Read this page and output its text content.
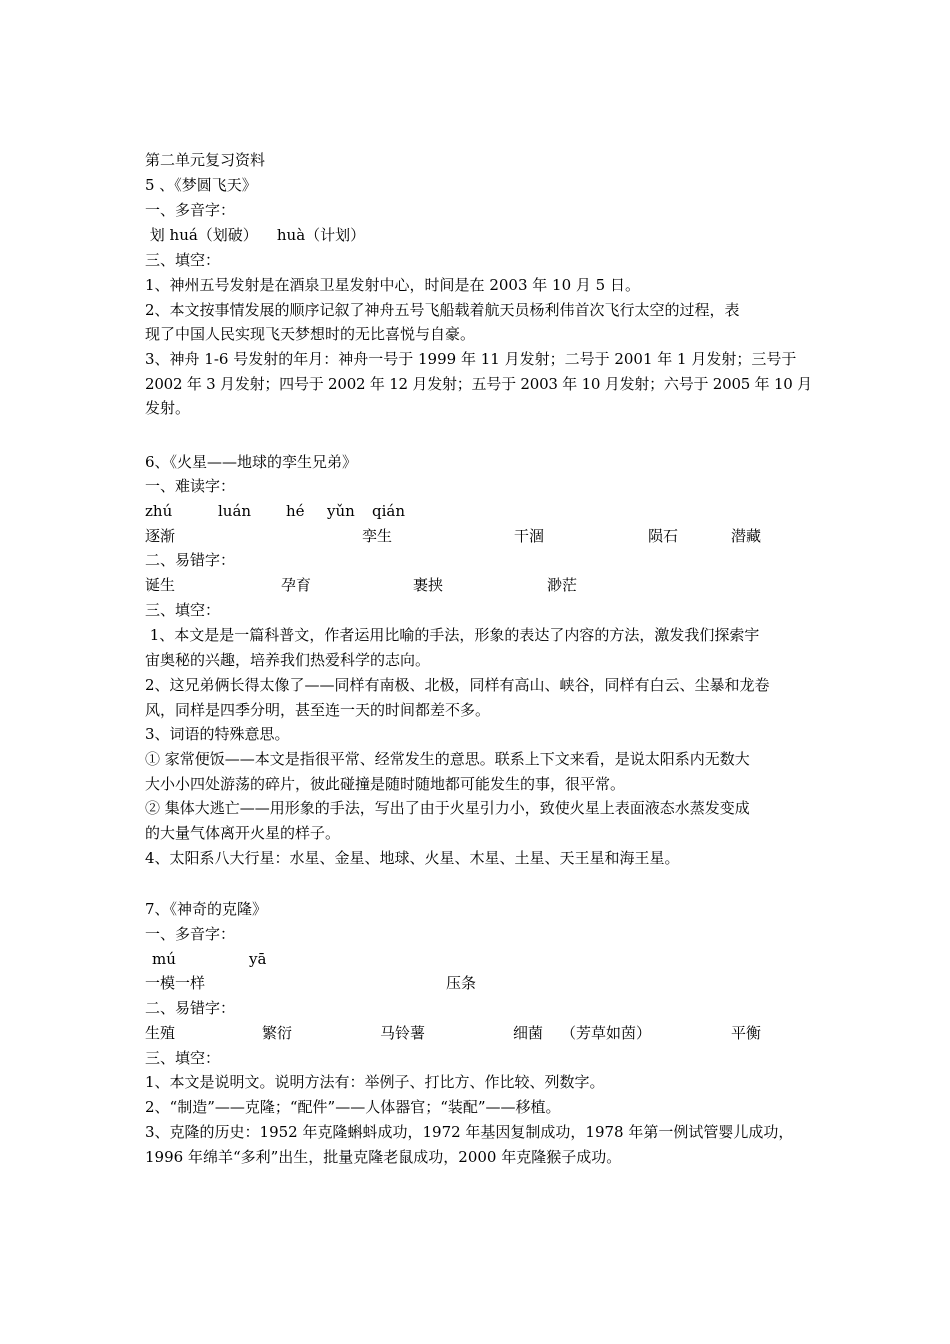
第二单元复习资料
5 、《梦圆飞天》
一、多音字：
划 huá（划破）    huà（计划）
三、填空：
1、神州五号发射是在酒泉卫星发射中心，时间是在 2003 年 10 月 5 日。
2、本文按事情发展的顺序记叙了神舟五号飞船载着航天员杨利伟首次飞行太空的过程，表
现了中国人民实现飞天梦想时的无比喜悦与自豪。
3、神舟 1-6 号发射的年月：神舟一号于 1999 年 11 月发射；二号于 2001 年 1 月发射；三号于
2002 年 3 月发射；四号于 2002 年 12 月发射；五号于 2003 年 10 月发射；六号于 2005 年 10 月
发射。
6、《火星——地球的孪生兄弟》
一、难读字：
zhú	luán hé yǔn qián
逐渐	孪生	干涸	陨石	潜藏
二、易错字：
诞生	孕育	裹挟	渺茫
三、填空：
1、本文是是一篇科普文，作者运用比喻的手法，形象的表达了内容的方法，激发我们探索宇
宙奥秘的兴趣，培养我们热爱科学的志向。
2、这兄弟俩长得太像了——同样有南极、北极，同样有高山、峡谷，同样有白云、尘暴和龙卷
风，同样是四季分明，甚至连一天的时间都差不多。
3、词语的特殊意思。
① 家常便饭——本文是指很平常、经常发生的意思。联系上下文来看，是说太阳系内无数大
大小小四处游荡的碎片，彼此碰撞是随时随地都可能发生的事，很平常。
② 集体大逃亡——用形象的手法，写出了由于火星引力小，致使火星上表面液态水蒸发变成
的大量气体离开火星的样子。
4、太阳系八大行星：水星、金星、地球、火星、木星、土星、天王星和海王星。
7、《神奇的克隆》
一、多音字：
mú	yā
一模一样	压条
二、易错字：
生殖	繁衍	马铃薯	细菌 （芳草如茵）	平衡
三、填空：
1、本文是说明文。说明方法有：举例子、打比方、作比较、列数字。
2、“制造”——克隆；“配件”——人体器官；“装配”——移植。
3、克隆的历史：1952 年克隆蝌蚪成功，1972 年基因复制成功，1978 年第一例试管婴儿成功，
1996 年绵羊“多利”出生，批量克隆老鼠成功，2000 年克隆猴子成功。
